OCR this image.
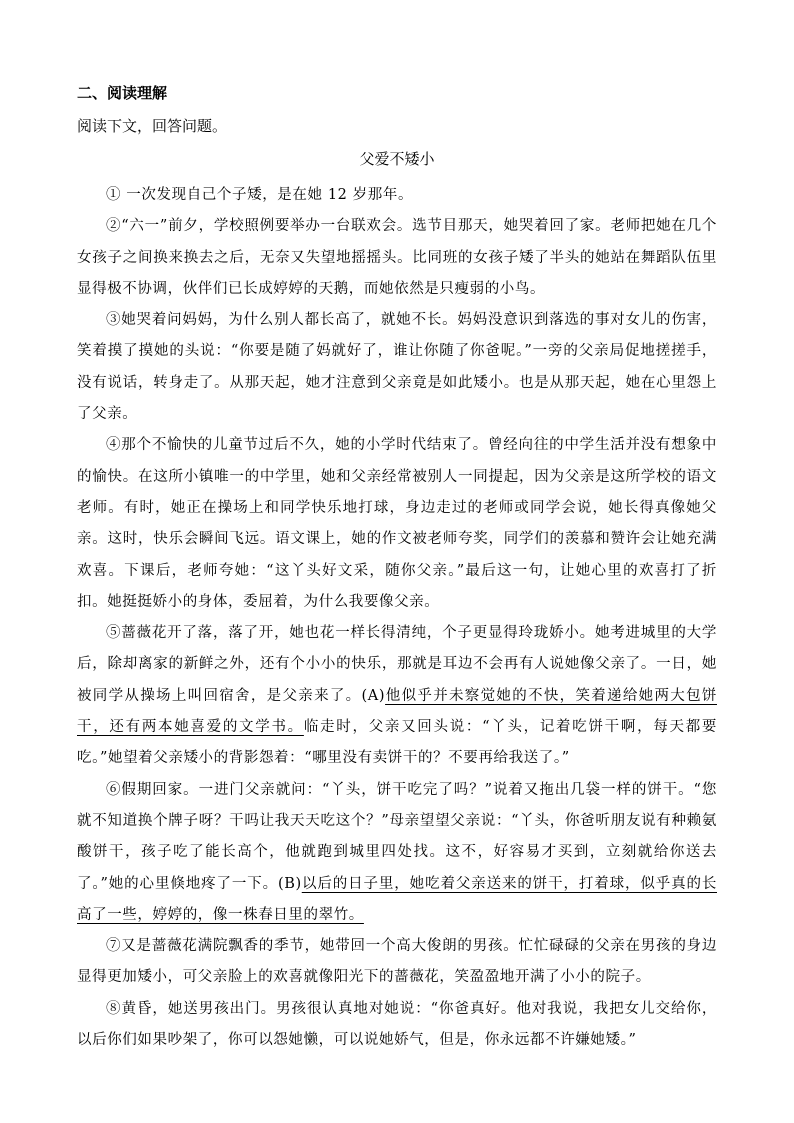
二、阅读理解
阅读下文，回答问题。
父爱不矮小

① 一次发现自己个子矮，是在她 12 岁那年。

②“六一”前夕，学校照例要举办一台联欢会。选节目那天，她哭着回了家。老师把她在几个女孩子之间换来换去之后，无奈又失望地摇摇头。比同班的女孩子矮了半头的她站在舞蹈队伍里显得极不协调，伙伴们已长成婷婷的天鹅，而她依然是只瘦弱的小鸟。

③她哭着问妈妈，为什么别人都长高了，就她不长。妈妈没意识到落选的事对女儿的伤害，笑着摸了摸她的头说：“你要是随了妈就好了，谁让你随了你爸呢。”一旁的父亲局促地搓搓手，没有说话，转身走了。从那天起，她才注意到父亲竟是如此矮小。也是从那天起，她在心里怨上了父亲。

④那个不愉快的儿童节过后不久，她的小学时代结束了。曾经向往的中学生活并没有想象中的愉快。在这所小镇唯一的中学里，她和父亲经常被别人一同提起，因为父亲是这所学校的语文老师。有时，她正在操场上和同学快乐地打球，身边走过的老师或同学会说，她长得真像她父亲。这时，快乐会瞬间飞远。语文课上，她的作文被老师夸奖，同学们的羡慕和赞许会让她充满欢喜。下课后，老师夸她：“这丫头好文采，随你父亲。”最后这一句，让她心里的欢喜打了折扣。她挺挺娇小的身体，委屈着，为什么我要像父亲。

⑤蔷薇花开了落，落了开，她也花一样长得清纯，个子更显得玲珑娇小。她考进城里的大学后，除却离家的新鲜之外，还有个小小的快乐，那就是耳边不会再有人说她像父亲了。一日，她被同学从操场上叫回宿舍，是父亲来了。(A)他似乎并未察觉她的不快，笑着递给她两大包饼干，还有两本她喜爱的文学书。临走时，父亲又回头说：“丫头，记着吃饼干啊，每天都要吃。”她望着父亲矮小的背影怨着：“哪里没有卖饼干的？不要再给我送了。”

⑥假期回家。一进门父亲就问：“丫头，饼干吃完了吗？”说着又拖出几袋一样的饼干。“您就不知道换个牌子呀？干吗让我天天吃这个？”母亲望望父亲说：“丫头，你爸听朋友说有种赖氨酸饼干，孩子吃了能长高个，他就跑到城里四处找。这不，好容易才买到，立刻就给你送去了。”她的心里倏地疼了一下。(B)以后的日子里，她吃着父亲送来的饼干，打着球，似乎真的长高了一些，婷婷的，像一株春日里的翠竹。

⑦又是蔷薇花满院飘香的季节，她带回一个高大俊朗的男孩。忙忙碌碌的父亲在男孩的身边显得更加矮小，可父亲脸上的欢喜就像阳光下的蔷薇花，笑盈盈地开满了小小的院子。

⑧黄昏，她送男孩出门。男孩很认真地对她说：“你爸真好。他对我说，我把女儿交给你，以后你们如果吵架了，你可以怨她懒，可以说她娇气，但是，你永远都不许嫌她矮。”
